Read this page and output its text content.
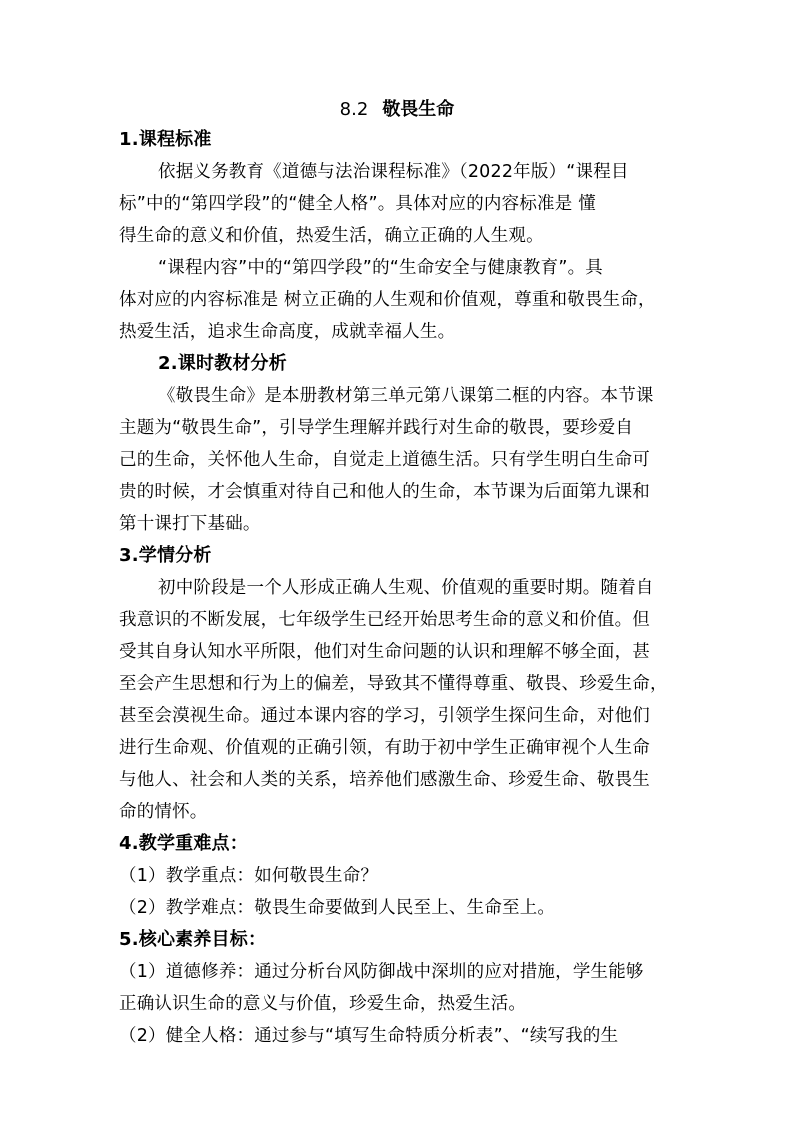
8.2 敬畏生命
1.课程标准
依据义务教育《道德与法治课程标准》（2022年版）“课程目
标”中的“第四学段”的“健全人格”。具体对应的内容标准是 懂
得生命的意义和价值，热爱生活，确立正确的人生观。
“课程内容”中的“第四学段”的“生命安全与健康教育”。具
体对应的内容标准是 树立正确的人生观和价值观，尊重和敬畏生命，
热爱生活，追求生命高度，成就幸福人生。
2.课时教材分析
《敬畏生命》是本册教材第三单元第八课第二框的内容。本节课
主题为“敬畏生命”，引导学生理解并践行对生命的敬畏，要珍爱自
己的生命，关怀他人生命，自觉走上道德生活。只有学生明白生命可
贵的时候，才会慎重对待自己和他人的生命，本节课为后面第九课和
第十课打下基础。
3.学情分析
初中阶段是一个人形成正确人生观、价值观的重要时期。随着自
我意识的不断发展，七年级学生已经开始思考生命的意义和价值。但
受其自身认知水平所限，他们对生命问题的认识和理解不够全面，甚
至会产生思想和行为上的偏差，导致其不懂得尊重、敬畏、珍爱生命，
甚至会漠视生命。通过本课内容的学习，引领学生探问生命，对他们
进行生命观、价值观的正确引领，有助于初中学生正确审视个人生命
与他人、社会和人类的关系，培养他们感激生命、珍爱生命、敬畏生
命的情怀。
4.教学重难点：
（1）教学重点：如何敬畏生命？
（2）教学难点：敬畏生命要做到人民至上、生命至上。
5.核心素养目标：
（1）道德修养：通过分析台风防御战中深圳的应对措施，学生能够
正确认识生命的意义与价值，珍爱生命，热爱生活。
（2）健全人格：通过参与“填写生命特质分析表”、“续写我的生
